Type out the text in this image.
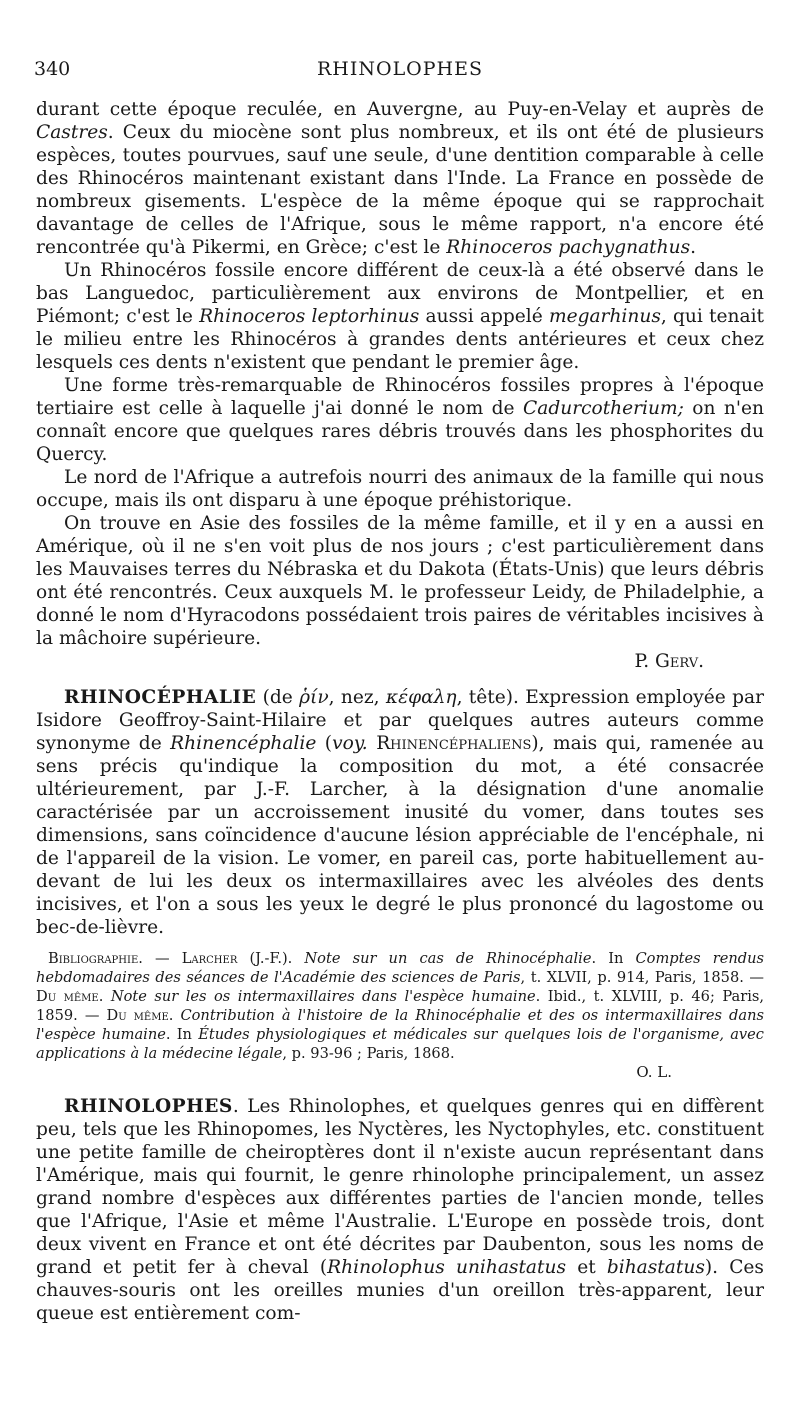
340	RHINOLOPHES

durant cette époque reculée, en Auvergne, au Puy-en-Velay et auprès de Castres. Ceux du miocène sont plus nombreux, et ils ont été de plusieurs espèces, toutes pourvues, sauf une seule, d'une dentition comparable à celle des Rhinocéros maintenant existant dans l'Inde. La France en possède de nombreux gisements. L'espèce de la même époque qui se rapprochait davantage de celles de l'Afrique, sous le même rapport, n'a encore été rencontrée qu'à Pikermi, en Grèce; c'est le Rhinoceros pachygnathus.

Un Rhinocéros fossile encore différent de ceux-là a été observé dans le bas Languedoc, particulièrement aux environs de Montpellier, et en Piémont; c'est le Rhinoceros leptorhinus aussi appelé megarhinus, qui tenait le milieu entre les Rhinocéros à grandes dents antérieures et ceux chez lesquels ces dents n'existent que pendant le premier âge.

Une forme très-remarquable de Rhinocéros fossiles propres à l'époque tertiaire est celle à laquelle j'ai donné le nom de Cadurcotherium; on n'en connaît encore que quelques rares débris trouvés dans les phosphorites du Quercy.

Le nord de l'Afrique a autrefois nourri des animaux de la famille qui nous occupe, mais ils ont disparu à une époque préhistorique.

On trouve en Asie des fossiles de la même famille, et il y en a aussi en Amérique, où il ne s'en voit plus de nos jours ; c'est particulièrement dans les Mauvaises terres du Nébraska et du Dakota (États-Unis) que leurs débris ont été rencontrés. Ceux auxquels M. le professeur Leidy, de Philadelphie, a donné le nom d'Hyracodons possédaient trois paires de véritables incisives à la mâchoire supérieure.

P. Gerv.

RHINOCÉPHALIE (de ῥίν, nez, κέφαλη, tête). Expression employée par Isidore Geoffroy-Saint-Hilaire et par quelques autres auteurs comme synonyme de Rhinencéphalie (voy. Rhinencéphaliens), mais qui, ramenée au sens précis qu'indique la composition du mot, a été consacrée ultérieurement, par J.-F. Larcher, à la désignation d'une anomalie caractérisée par un accroissement inusité du vomer, dans toutes ses dimensions, sans coïncidence d'aucune lésion appréciable de l'encéphale, ni de l'appareil de la vision. Le vomer, en pareil cas, porte habituellement au-devant de lui les deux os intermaxillaires avec les alvéoles des dents incisives, et l'on a sous les yeux le degré le plus prononcé du lagostome ou bec-de-lièvre.

Bibliographie. — Larcher (J.-F.). Note sur un cas de Rhinocéphalie. In Comptes rendus hebdomadaires des séances de l'Académie des sciences de Paris, t. XLVII, p. 914, Paris, 1858. — Du même. Note sur les os intermaxillaires dans l'espèce humaine. Ibid., t. XLVIII, p. 46; Paris, 1859. — Du même. Contribution à l'histoire de la Rhinocéphalie et des os intermaxillaires dans l'espèce humaine. In Études physiologiques et médicales sur quelques lois de l'organisme, avec applications à la médecine légale, p. 93-96 ; Paris, 1868.

O. L.

RHINOLOPHES. Les Rhinolophes, et quelques genres qui en diffèrent peu, tels que les Rhinopomes, les Nyctères, les Nyctophyles, etc. constituent une petite famille de cheiroptères dont il n'existe aucun représentant dans l'Amérique, mais qui fournit, le genre rhinolophe principalement, un assez grand nombre d'espèces aux différentes parties de l'ancien monde, telles que l'Afrique, l'Asie et même l'Australie. L'Europe en possède trois, dont deux vivent en France et ont été décrites par Daubenton, sous les noms de grand et petit fer à cheval (Rhinolophus unihastatus et bihastatus). Ces chauves-souris ont les oreilles munies d'un oreillon très-apparent, leur queue est entièrement com-
